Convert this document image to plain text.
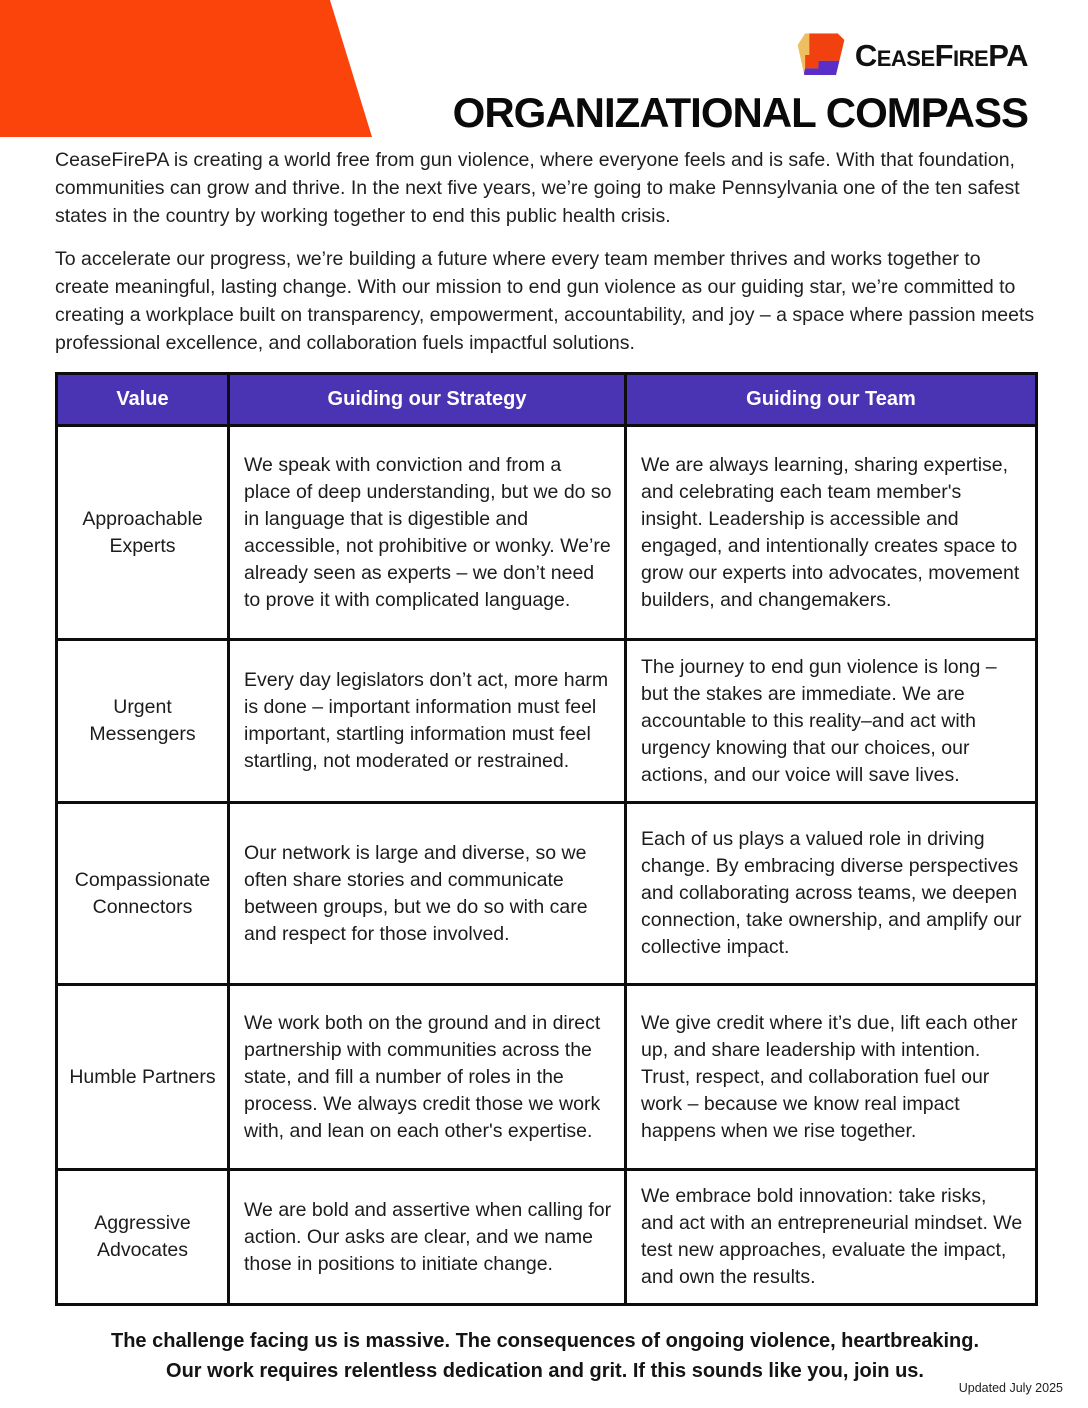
CeaseFirePA
ORGANIZATIONAL COMPASS

CeaseFirePA is creating a world free from gun violence, where everyone feels and is safe. With that foundation, communities can grow and thrive. In the next five years, we’re going to make Pennsylvania one of the ten safest states in the country by working together to end this public health crisis.

To accelerate our progress, we’re building a future where every team member thrives and works together to create meaningful, lasting change. With our mission to end gun violence as our guiding star, we’re committed to creating a workplace built on transparency, empowerment, accountability, and joy – a space where passion meets professional excellence, and collaboration fuels impactful solutions.

Value	Guiding our Strategy	Guiding our Team
Approachable Experts	We speak with conviction and from a place of deep understanding, but we do so in language that is digestible and accessible, not prohibitive or wonky. We’re already seen as experts – we don’t need to prove it with complicated language.	We are always learning, sharing expertise, and celebrating each team member's insight. Leadership is accessible and engaged, and intentionally creates space to grow our experts into advocates, movement builders, and changemakers.
Urgent Messengers	Every day legislators don’t act, more harm is done – important information must feel important, startling information must feel startling, not moderated or restrained.	The journey to end gun violence is long – but the stakes are immediate. We are accountable to this reality–and act with urgency knowing that our choices, our actions, and our voice will save lives.
Compassionate Connectors	Our network is large and diverse, so we often share stories and communicate between groups, but we do so with care and respect for those involved.	Each of us plays a valued role in driving change. By embracing diverse perspectives and collaborating across teams, we deepen connection, take ownership, and amplify our collective impact.
Humble Partners	We work both on the ground and in direct partnership with communities across the state, and fill a number of roles in the process. We always credit those we work with, and lean on each other's expertise.	We give credit where it’s due, lift each other up, and share leadership with intention. Trust, respect, and collaboration fuel our work – because we know real impact happens when we rise together.
Aggressive Advocates	We are bold and assertive when calling for action. Our asks are clear, and we name those in positions to initiate change.	We embrace bold innovation: take risks, and act with an entrepreneurial mindset. We test new approaches, evaluate the impact, and own the results.
The challenge facing us is massive. The consequences of ongoing violence, heartbreaking.
Our work requires relentless dedication and grit. If this sounds like you, join us.
Updated July 2025
